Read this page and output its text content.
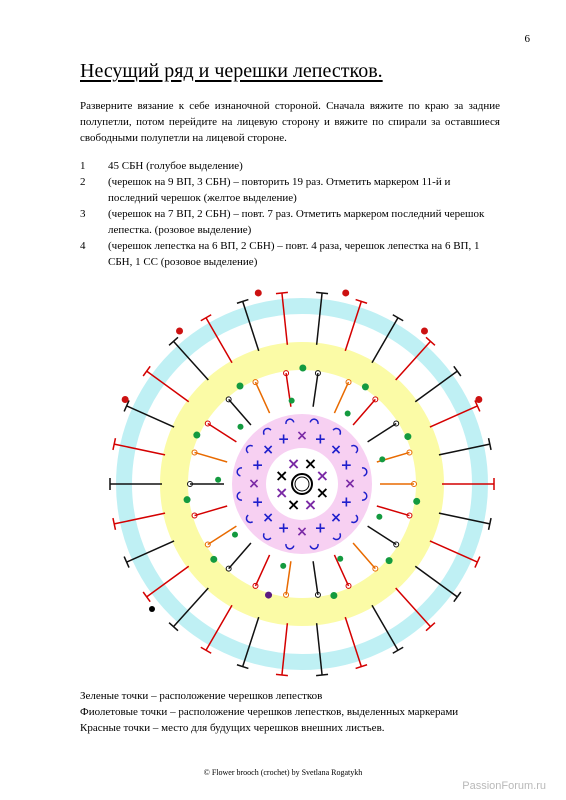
6
Несущий ряд и черешки лепестков.

Разверните вязание к себе изнаночной стороной. Сначала вяжите по краю за задние полупетли, потом перейдите на лицевую сторону и вяжите по спирали за оставшиеся свободными полупетли на лицевой стороне.

1	45 СБН (голубое выделение)
2	(черешок на 9 ВП, 3 СБН) – повторить 19 раз. Отметить маркером 11-й и последний черешок (желтое выделение)
3	(черешок на 7 ВП, 2 СБН) – повт. 7 раз. Отметить маркером последний черешок лепестка. (розовое выделение)
4	(черешок лепестка на 6 ВП, 2 СБН) – повт. 4 раза, черешок лепестка на 6 ВП, 1 СБН, 1 СС (розовое выделение)
×
×
×
×
×
× ×
× ×
+
×
+
×
+
×
+
×
+
×
+ × +
×
+
Зеленые точки – расположение черешков лепестков
Фиолетовые точки – расположение черешков лепестков, выделенных маркерами
Красные точки – место для будущих черешков внешних листьев.
© Flower brooch (crochet) by Svetlana Rogatykh
PassionForum.ru
